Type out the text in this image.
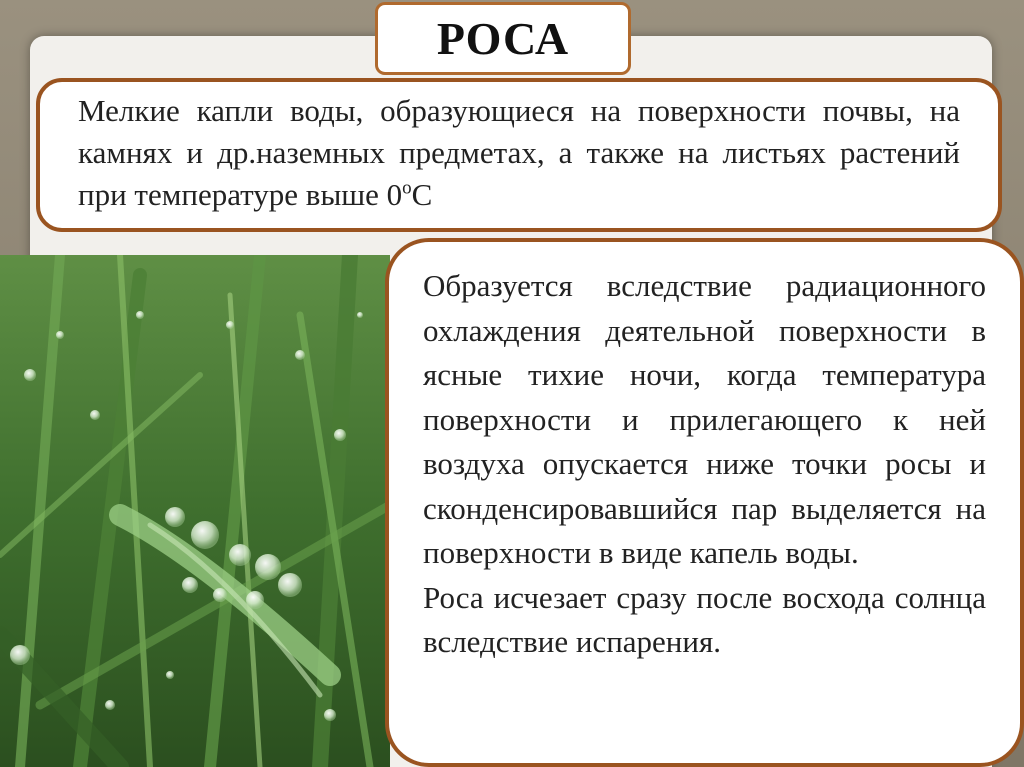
РОСА
Мелкие капли воды, образующиеся на поверхности почвы, на камнях и др.наземных предметах, а также на листьях растений при температуре выше $0^оС$

Образуется вследствие радиационного охлаждения деятельной поверхности в ясные тихие ночи, когда температура поверхности и прилегающего к ней воздуха опускается ниже точки росы и сконденсировавшийся пар выделяется на поверхности в виде капель воды.

Роса исчезает сразу после восхода солнца вследствие испарения.
